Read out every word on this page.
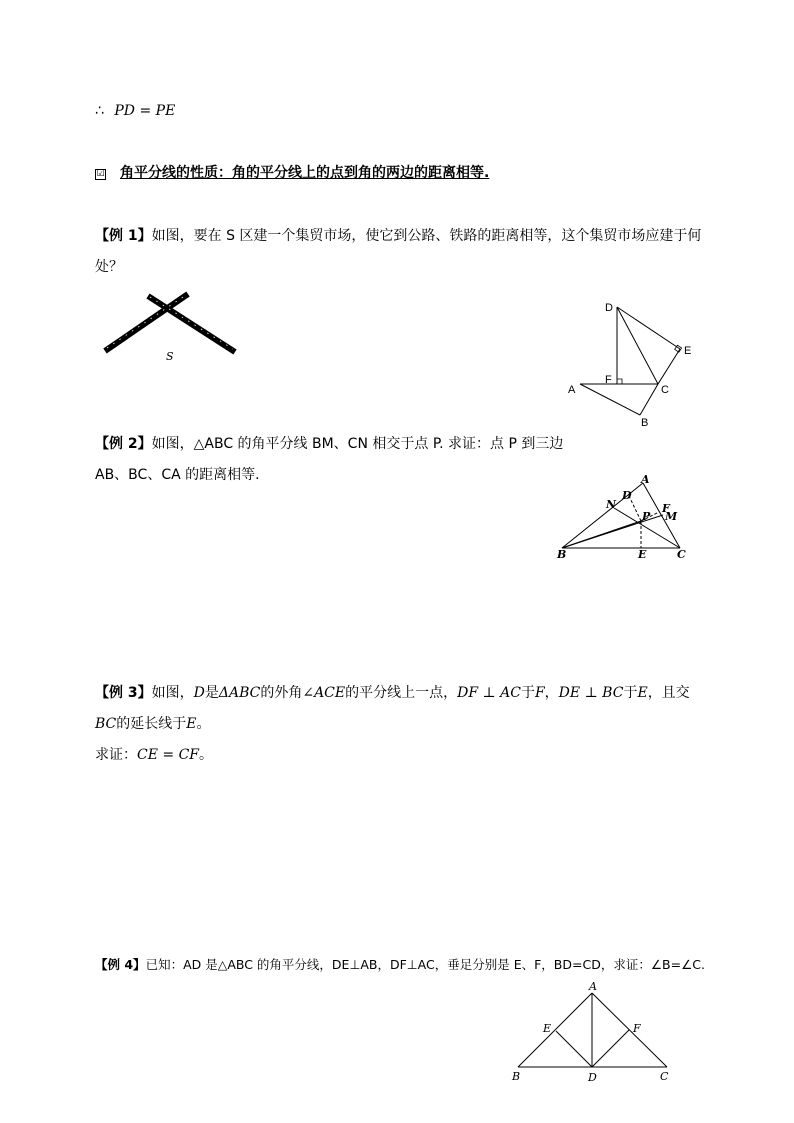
∴ PD = PE
☑ 角平分线的性质：角的平分线上的点到角的两边的距离相等.
【例 1】如图，要在 S 区建一个集贸市场，使它到公路、铁路的距离相等，这个集贸市场应建于何
处？
S
D
E
F
A	C
B
【例 2】如图，△ABC 的角平分线 BM、CN 相交于点 P. 求证：点 P 到三边
AB、BC、CA 的距离相等.	A
B	C
D
E
F
M
N
P
【例 3】如图，D是ΔABC的外角∠ACE的平分线上一点，DF ⊥ AC于F，DE ⊥ BC于E，且交
BC的延长线于E。
求证：CE = CF。
【例 4】已知：AD 是△ABC 的角平分线，DE⊥AB，DF⊥AC，垂足分别是 E、F，BD=CD，求证：∠B=∠C.
A
B	C
D
E	F
